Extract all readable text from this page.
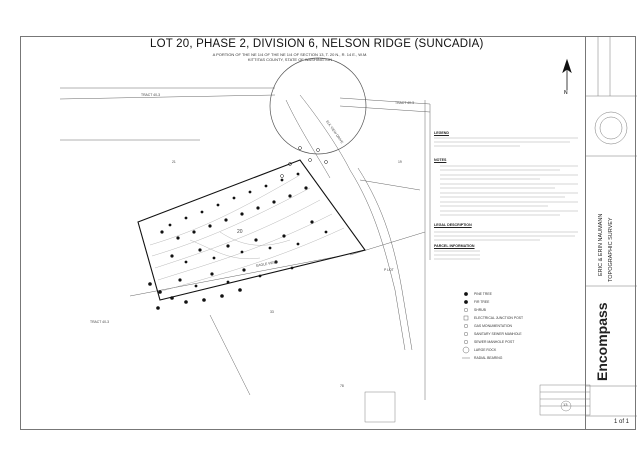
LOT 20, PHASE 2, DIVISION 6, NELSON RIDGE (SUNCADIA)
A PORTION OF THE NE 1/4 OF THE NE 1/4 OF SECTION 13, T. 20 N., R. 14 E., W.M.
KITTITAS COUNTY, STATE OF WASHINGTON
TRACT 40-3
TRACT 40-3
21	19
20
ELK VIEW DRIVE
TRACT 40-3
33
78
EAGLE VIEW
P LOT
LEGEND
NOTES
LEGAL DESCRIPTION
PARCEL INFORMATION
PINE TREE
FIR TREE
SHRUB
ELECTRICAL JUNCTION POST
GAS MONUMENTATION
SANITARY SEWER MANHOLE
SEWER MANHOLE POST
LARGE ROCK
RADIAL BEARING
N
13
ERIC & ERIN NAUMANN TOPOGRAPHIC SURVEY
Encompass
1 of 1
